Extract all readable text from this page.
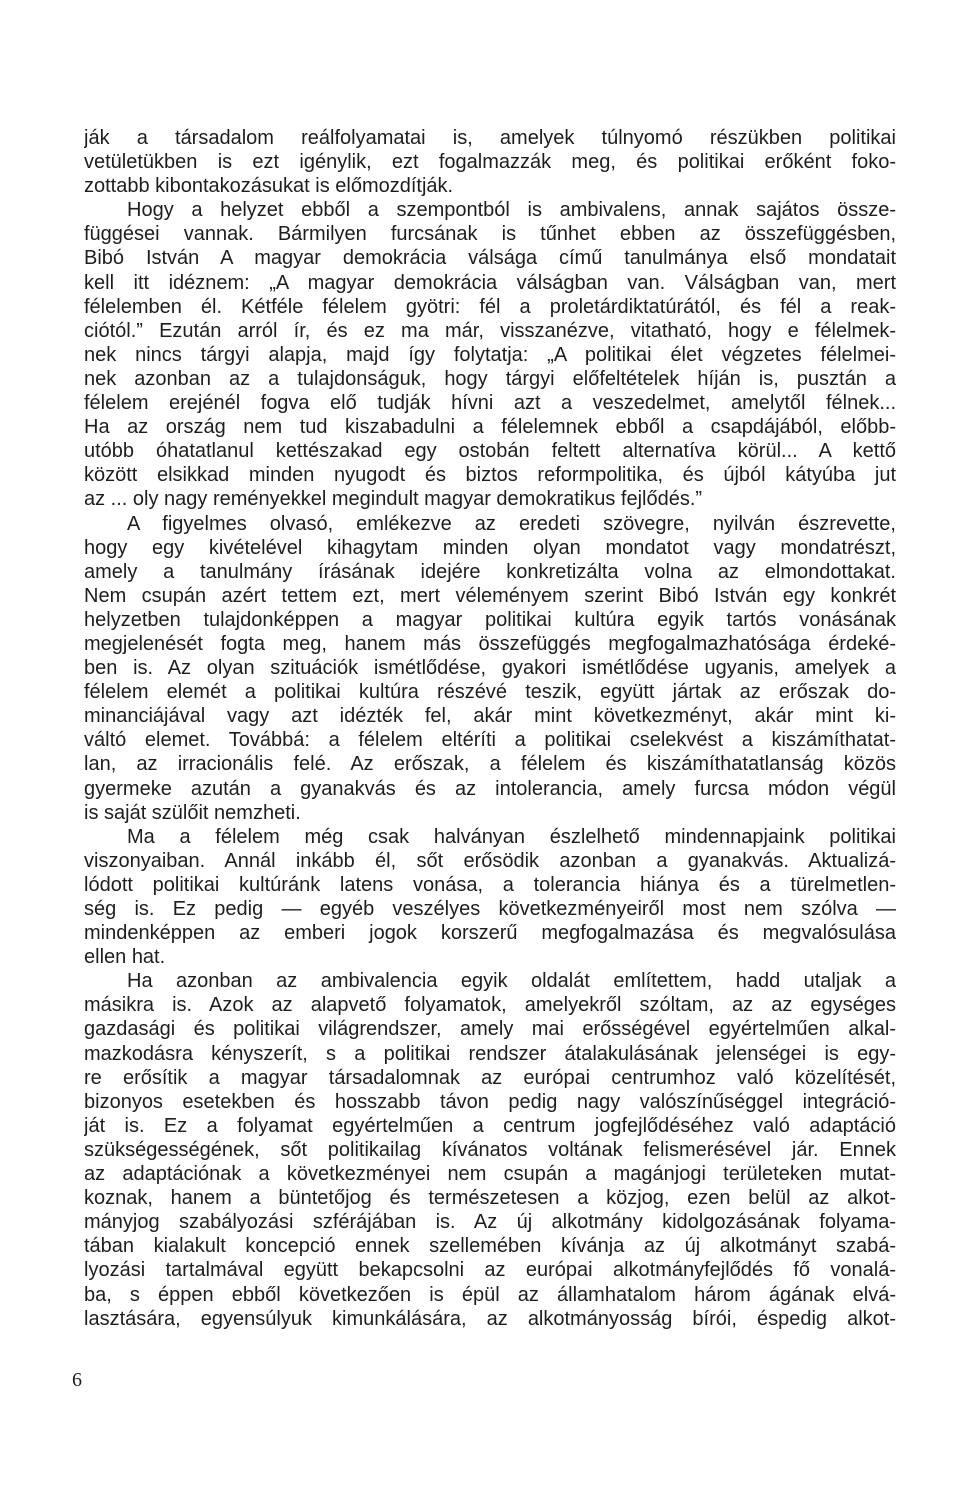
ják a társadalom reálfolyamatai is, amelyek túlnyomó részükben politikai
vetületükben is ezt igénylik, ezt fogalmazzák meg, és politikai erőként foko-
zottabb kibontakozásukat is előmozdítják.
Hogy a helyzet ebből a szempontból is ambivalens, annak sajátos össze-
függései vannak. Bármilyen furcsának is tűnhet ebben az összefüggésben,
Bibó István A magyar demokrácia válsága című tanulmánya első mondatait
kell itt idéznem: „A magyar demokrácia válságban van. Válságban van, mert
félelemben él. Kétféle félelem gyötri: fél a proletárdiktatúrától, és fél a reak-
ciótól.” Ezután arról ír, és ez ma már, visszanézve, vitatható, hogy e félelmek-
nek nincs tárgyi alapja, majd így folytatja: „A politikai élet végzetes félelmei-
nek azonban az a tulajdonságuk, hogy tárgyi előfeltételek híján is, pusztán a
félelem erejénél fogva elő tudják hívni azt a veszedelmet, amelytől félnek...
Ha az ország nem tud kiszabadulni a félelemnek ebből a csapdájából, előbb-
utóbb óhatatlanul kettészakad egy ostobán feltett alternatíva körül... A kettő
között elsikkad minden nyugodt és biztos reformpolitika, és újból kátyúba jut
az ... oly nagy reményekkel megindult magyar demokratikus fejlődés.”
A figyelmes olvasó, emlékezve az eredeti szövegre, nyilván észrevette,
hogy egy kivételével kihagytam minden olyan mondatot vagy mondatrészt,
amely a tanulmány írásának idejére konkretizálta volna az elmondottakat.
Nem csupán azért tettem ezt, mert véleményem szerint Bibó István egy konkrét
helyzetben tulajdonképpen a magyar politikai kultúra egyik tartós vonásának
megjelenését fogta meg, hanem más összefüggés megfogalmazhatósága érdeké-
ben is. Az olyan szituációk ismétlődése, gyakori ismétlődése ugyanis, amelyek a
félelem elemét a politikai kultúra részévé teszik, együtt jártak az erőszak do-
minanciájával vagy azt idézték fel, akár mint következményt, akár mint ki-
váltó elemet. Továbbá: a félelem eltéríti a politikai cselekvést a kiszámíthatat-
lan, az irracionális felé. Az erőszak, a félelem és kiszámíthatatlanság közös
gyermeke azután a gyanakvás és az intolerancia, amely furcsa módon végül
is saját szülőit nemzheti.
Ma a félelem még csak halványan észlelhető mindennapjaink politikai
viszonyaiban. Annál inkább él, sőt erősödik azonban a gyanakvás. Aktualizá-
lódott politikai kultúránk latens vonása, a tolerancia hiánya és a türelmetlen-
ség is. Ez pedig — egyéb veszélyes következményeiről most nem szólva —
mindenképpen az emberi jogok korszerű megfogalmazása és megvalósulása
ellen hat.
Ha azonban az ambivalencia egyik oldalát említettem, hadd utaljak a
másikra is. Azok az alapvető folyamatok, amelyekről szóltam, az az egységes
gazdasági és politikai világrendszer, amely mai erősségével egyértelműen alkal-
mazkodásra kényszerít, s a politikai rendszer átalakulásának jelenségei is egy-
re erősítik a magyar társadalomnak az európai centrumhoz való közelítését,
bizonyos esetekben és hosszabb távon pedig nagy valószínűséggel integráció-
ját is. Ez a folyamat egyértelműen a centrum jogfejlődéséhez való adaptáció
szükségességének, sőt politikailag kívánatos voltának felismerésével jár. Ennek
az adaptációnak a következményei nem csupán a magánjogi területeken mutat-
koznak, hanem a büntetőjog és természetesen a közjog, ezen belül az alkot-
mányjog szabályozási szférájában is. Az új alkotmány kidolgozásának folyama-
tában kialakult koncepció ennek szellemében kívánja az új alkotmányt szabá-
lyozási tartalmával együtt bekapcsolni az európai alkotmányfejlődés fő vonalá-
ba, s éppen ebből következően is épül az államhatalom három ágának elvá-
lasztására, egyensúlyuk kimunkálására, az alkotmányosság bírói, éspedig alkot-
6
